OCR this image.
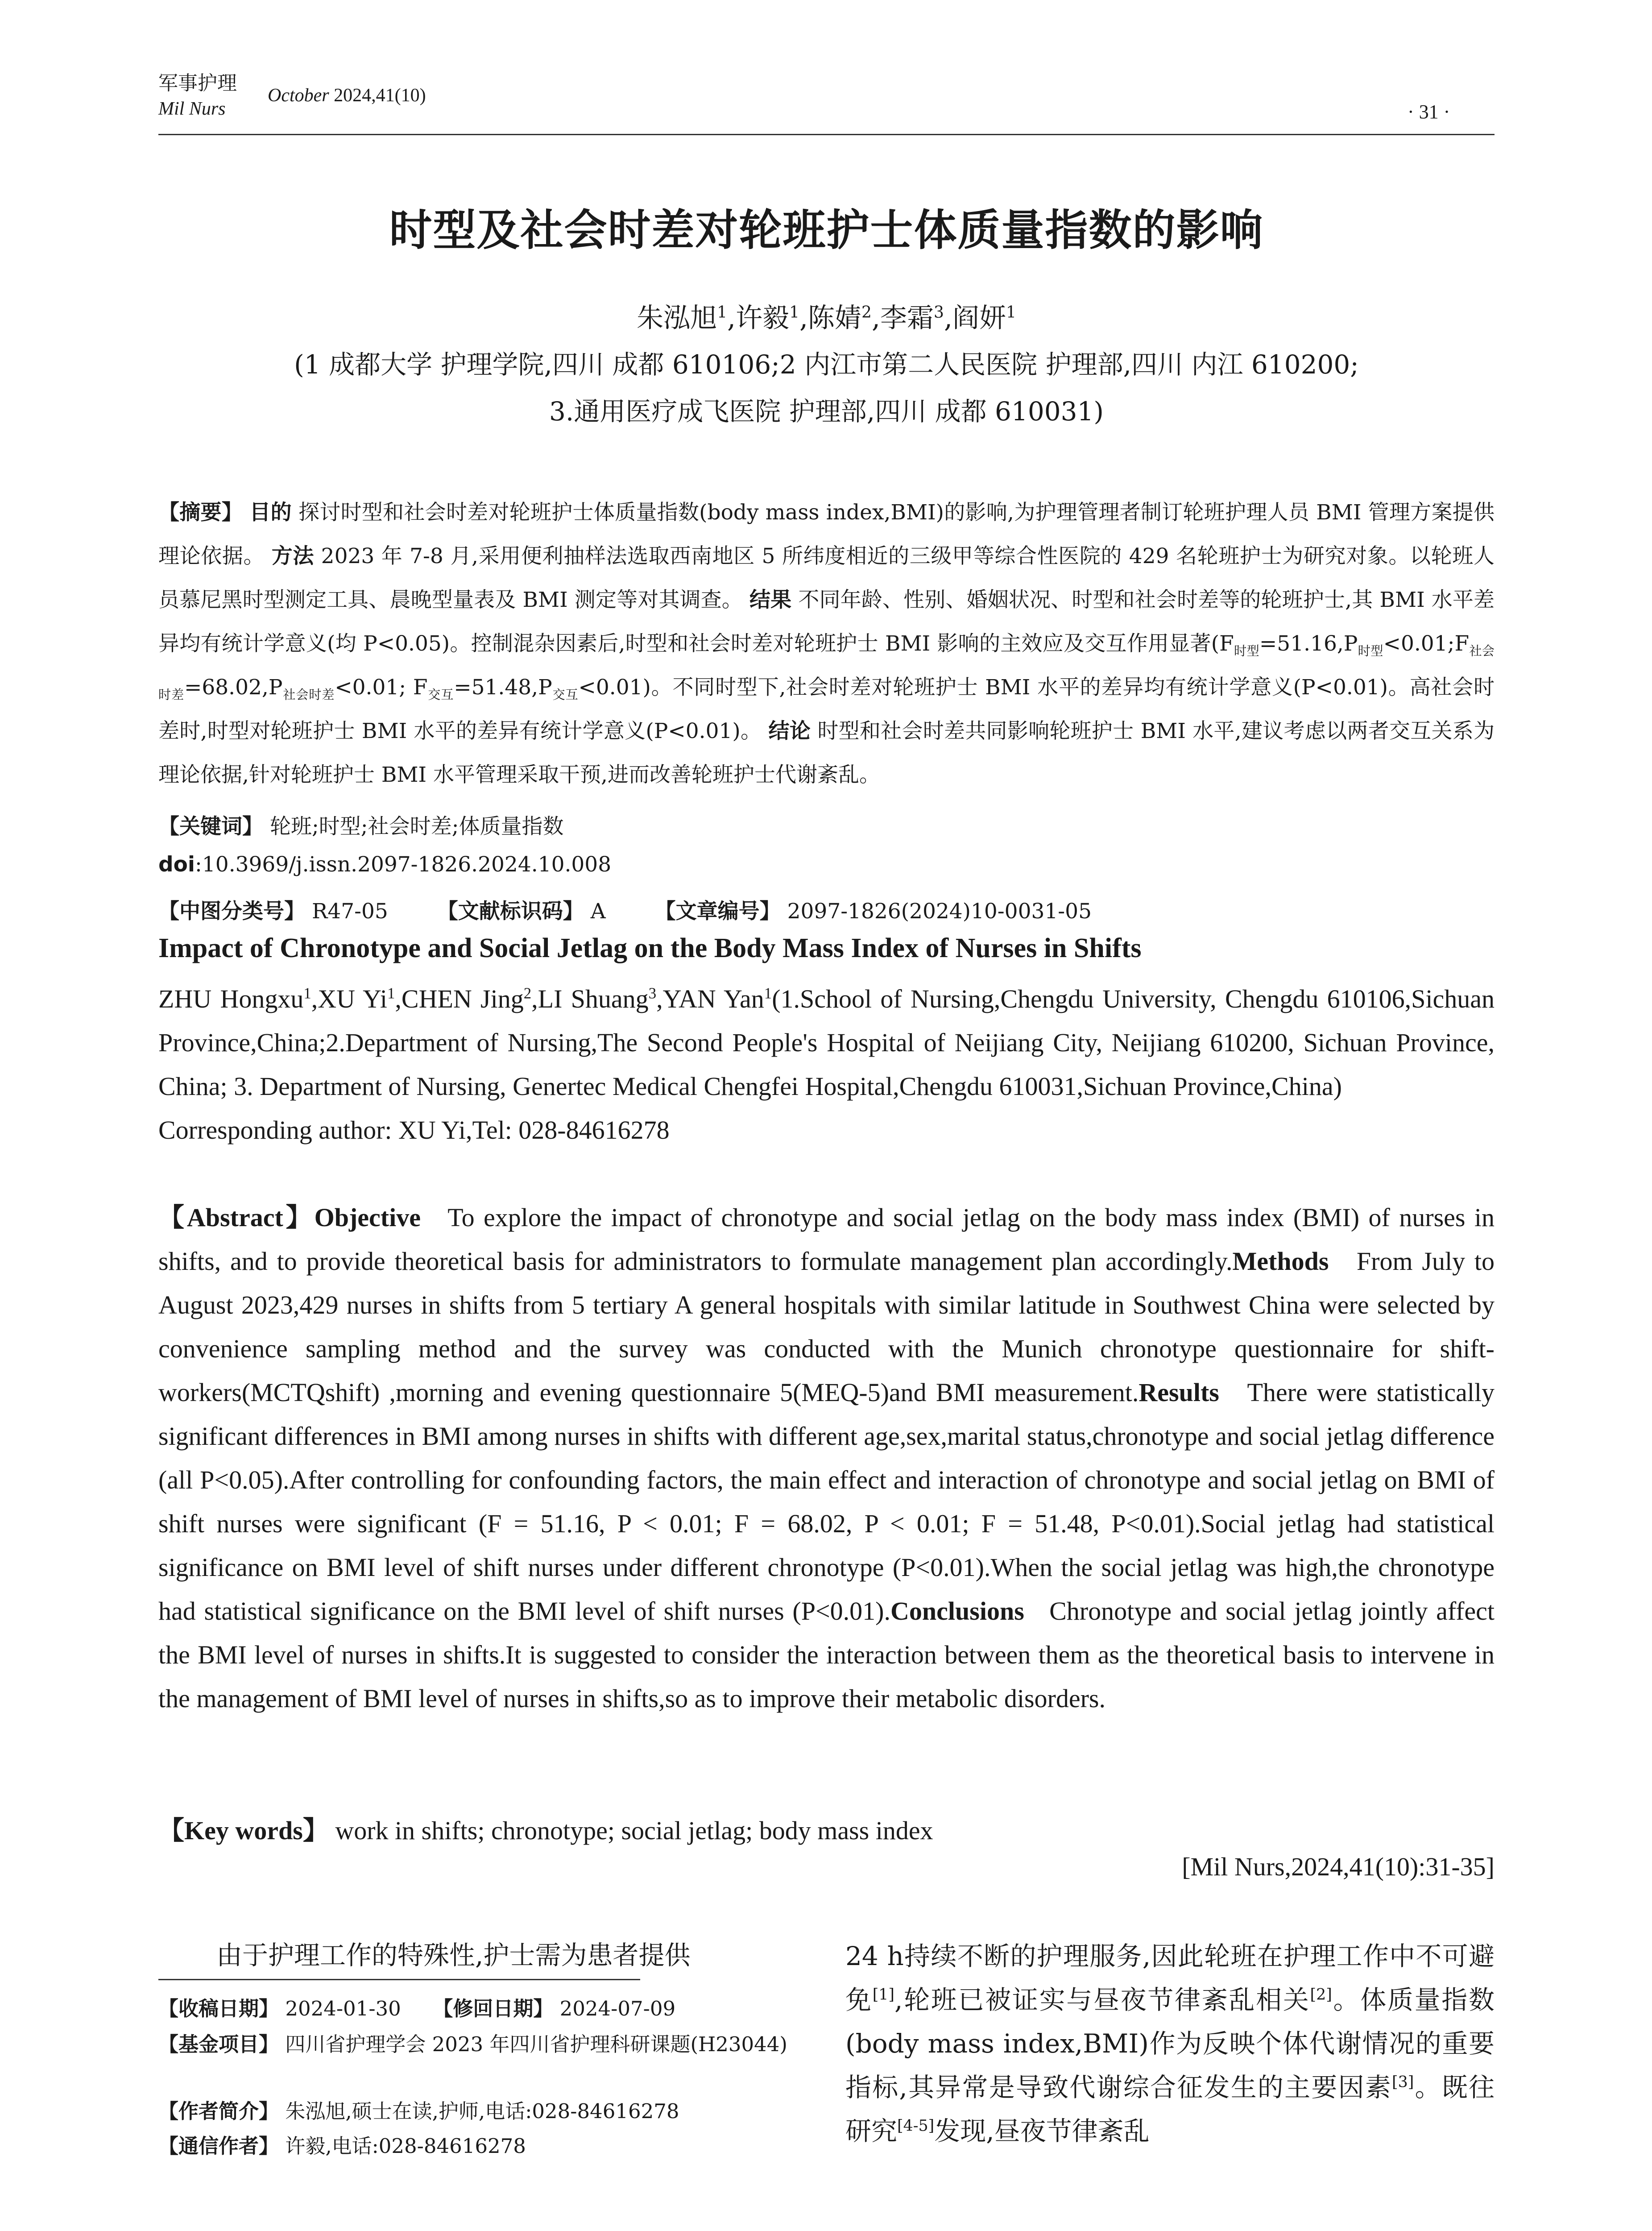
军事护理
Mil Nurs
October 2024,41(10)
· 31 ·
时型及社会时差对轮班护士体质量指数的影响
朱泓旭$^1$,许毅$^1$,陈婧$^2$,李霜$^3$,阎妍$^1$
(1 成都大学 护理学院,四川 成都 610106;2 内江市第二人民医院 护理部,四川 内江 610200;
3.通用医疗成飞医院 护理部,四川 成都 610031)
【摘要】 目的 探讨时型和社会时差对轮班护士体质量指数(body mass index,BMI)的影响,为护理管理者制订轮班护理人员 BMI 管理方案提供理论依据。 方法 2023 年 7-8 月,采用便利抽样法选取西南地区 5 所纬度相近的三级甲等综合性医院的 429 名轮班护士为研究对象。以轮班人员慕尼黑时型测定工具、晨晚型量表及 BMI 测定等对其调查。 结果 不同年龄、性别、婚姻状况、时型和社会时差等的轮班护士,其 BMI 水平差异均有统计学意义(均 P<0.05)。控制混杂因素后,时型和社会时差对轮班护士 BMI 影响的主效应及交互作用显著($F_{时型}=51.16,P_{时型}<0.01;F_{社会时差}=68.02,P_{社会时差}<0.01$; $F_{交互}=51.48,P_{交互}<0.01$)。不同时型下,社会时差对轮班护士 BMI 水平的差异均有统计学意义(P<0.01)。高社会时差时,时型对轮班护士 BMI 水平的差异有统计学意义(P<0.01)。 结论 时型和社会时差共同影响轮班护士 BMI 水平,建议考虑以两者交互关系为理论依据,针对轮班护士 BMI 水平管理采取干预,进而改善轮班护士代谢紊乱。
【关键词】 轮班;时型;社会时差;体质量指数
doi:10.3969/j.issn.2097-1826.2024.10.008
【中图分类号】 R47-05 【文献标识码】 A 【文章编号】 2097-1826(2024)10-0031-05
Impact of Chronotype and Social Jetlag on the Body Mass Index of Nurses in Shifts
ZHU Hongxu$^1$,XU Yi$^1$,CHEN Jing$^2$,LI Shuang$^3$,YAN Yan$^1$(1.School of Nursing,Chengdu University, Chengdu 610106,Sichuan Province,China;2.Department of Nursing,The Second People's Hospital of Neijiang City, Neijiang 610200, Sichuan Province, China; 3. Department of Nursing, Genertec Medical Chengfei Hospital,Chengdu 610031,Sichuan Province,China)
Corresponding author: XU Yi,Tel: 028-84616278
【Abstract】Objective To explore the impact of chronotype and social jetlag on the body mass index (BMI) of nurses in shifts, and to provide theoretical basis for administrators to formulate management plan accordingly.Methods From July to August 2023,429 nurses in shifts from 5 tertiary A general hospitals with similar latitude in Southwest China were selected by convenience sampling method and the survey was conducted with the Munich chronotype questionnaire for shift-workers(MCTQshift) ,morning and evening questionnaire 5(MEQ-5)and BMI measurement.Results There were statistically significant differences in BMI among nurses in shifts with different age,sex,marital status,chronotype and social jetlag difference (all P<0.05).After controlling for confounding factors, the main effect and interaction of chronotype and social jetlag on BMI of shift nurses were significant (F = 51.16, P < 0.01; F = 68.02, P < 0.01; F = 51.48, P<0.01).Social jetlag had statistical significance on BMI level of shift nurses under different chronotype (P<0.01).When the social jetlag was high,the chronotype had statistical significance on the BMI level of shift nurses (P<0.01).Conclusions Chronotype and social jetlag jointly affect the BMI level of nurses in shifts.It is suggested to consider the interaction between them as the theoretical basis to intervene in the management of BMI level of nurses in shifts,so as to improve their metabolic disorders.
【Key words】 work in shifts; chronotype; social jetlag; body mass index
[Mil Nurs,2024,41(10):31-35]
由于护理工作的特殊性,护士需为患者提供
【收稿日期】 2024-01-30 【修回日期】 2024-07-09
【基金项目】 四川省护理学会 2023 年四川省护理科研课题(H23044)
【作者简介】 朱泓旭,硕士在读,护师,电话:028-84616278
【通信作者】 许毅,电话:028-84616278
24 h持续不断的护理服务,因此轮班在护理工作中不可避免[1],轮班已被证实与昼夜节律紊乱相关[2]。体质量指数(body mass index,BMI)作为反映个体代谢情况的重要指标,其异常是导致代谢综合征发生的主要因素[3]。既往研究[4-5]发现,昼夜节律紊乱
